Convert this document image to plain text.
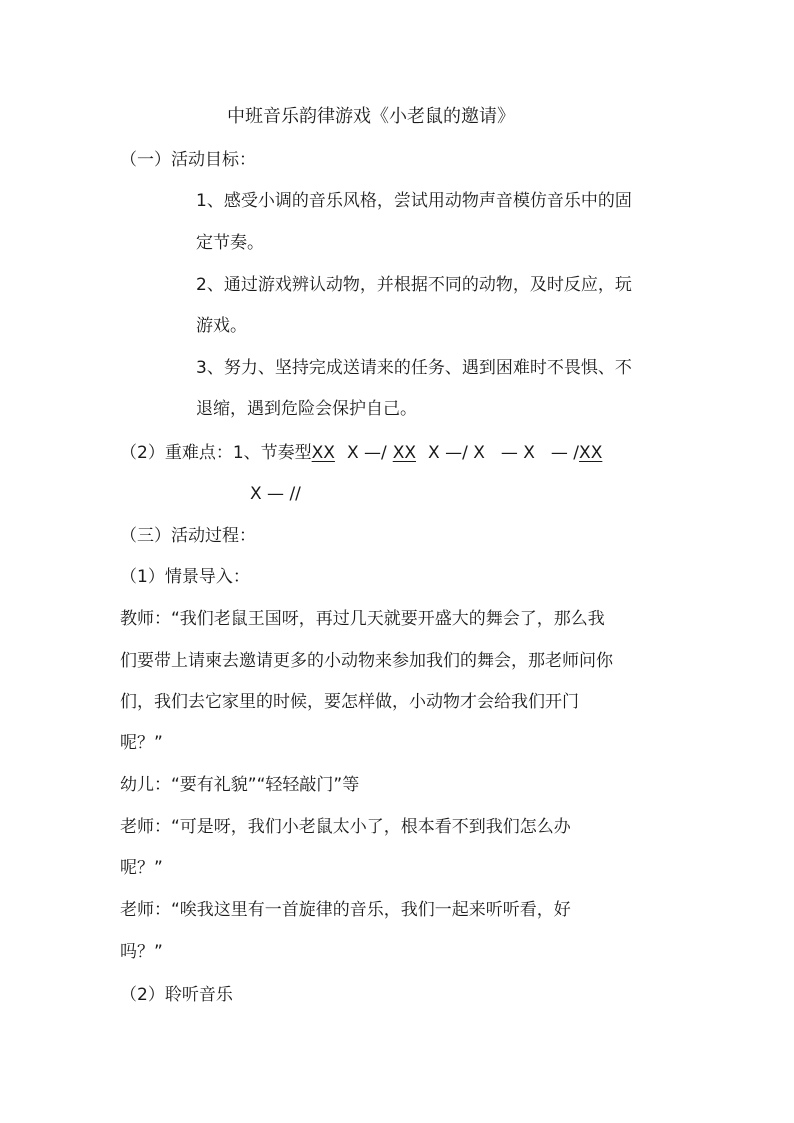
中班音乐韵律游戏《小老鼠的邀请》
（一）活动目标：
1、感受小调的音乐风格，尝试用动物声音模仿音乐中的固
定节奏。
2、通过游戏辨认动物，并根据不同的动物，及时反应，玩
游戏。
3、努力、坚持完成送请来的任务、遇到困难时不畏惧、不
退缩，遇到危险会保护自己。
（2）重难点：1、节奏型XX X —/ XX X —/ X — X — /XX
X — //
（三）活动过程：
（1）情景导入：
教师：“我们老鼠王国呀，再过几天就要开盛大的舞会了，那么我
们要带上请柬去邀请更多的小动物来参加我们的舞会，那老师问你
们，我们去它家里的时候，要怎样做，小动物才会给我们开门
呢？”
幼儿：“要有礼貌”“轻轻敲门”等
老师：“可是呀，我们小老鼠太小了，根本看不到我们怎么办
呢？”
老师：“唉我这里有一首旋律的音乐，我们一起来听听看，好
吗？”
（2）聆听音乐
